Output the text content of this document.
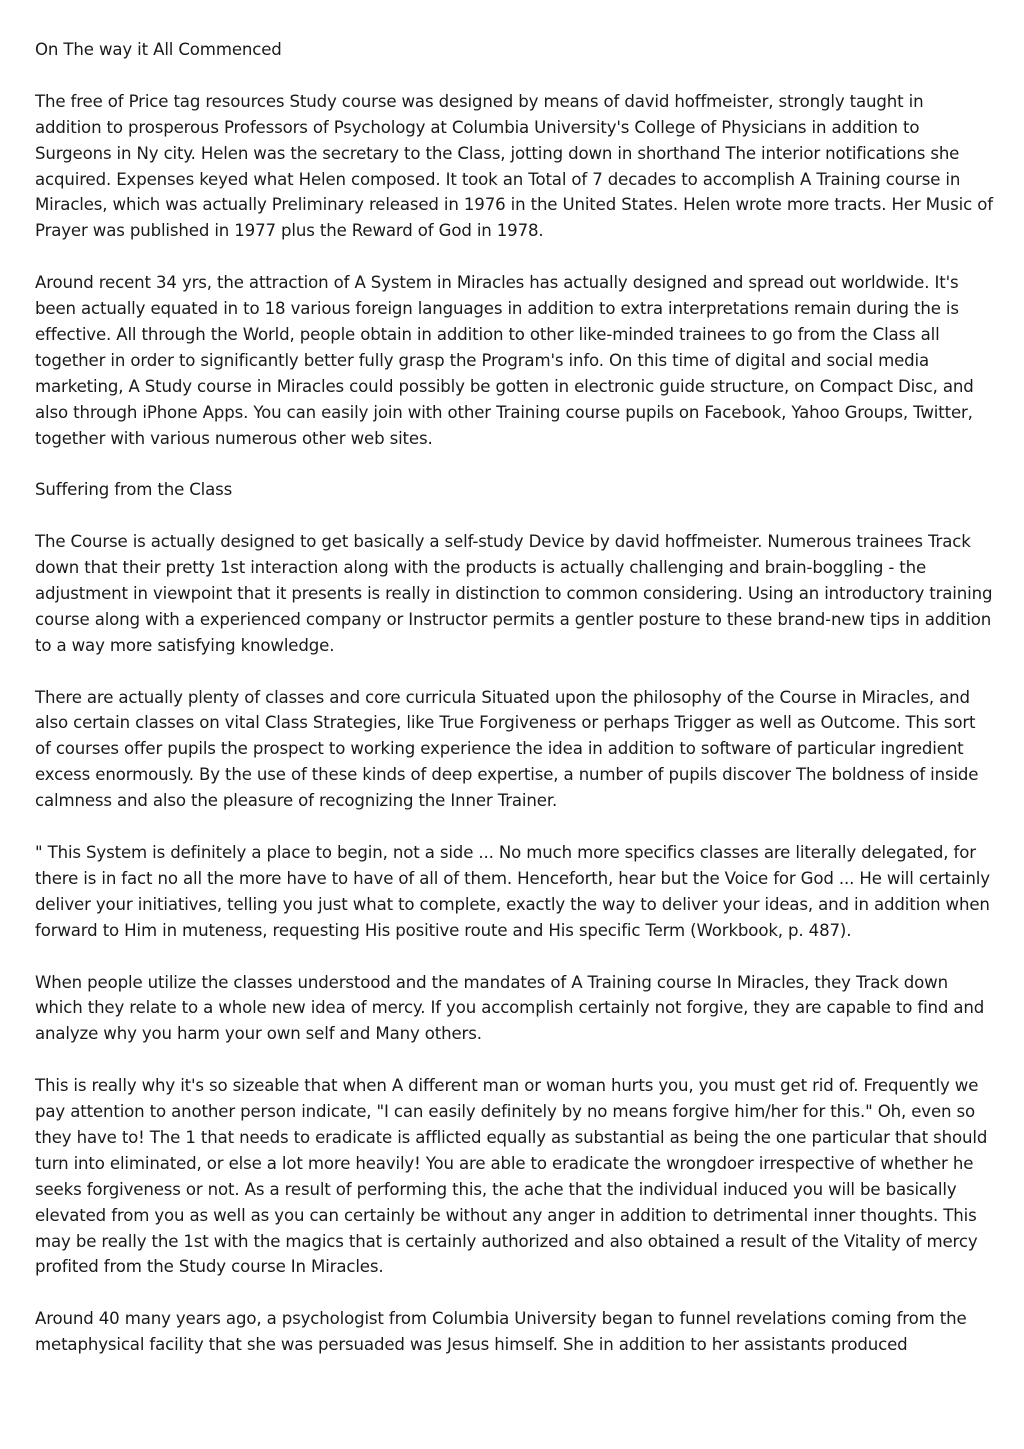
On The way it All Commenced

The free of Price tag resources Study course was designed by means of david hoffmeister, strongly taught in addition to prosperous Professors of Psychology at Columbia University's College of Physicians in addition to Surgeons in Ny city. Helen was the secretary to the Class, jotting down in shorthand The interior notifications she acquired. Expenses keyed what Helen composed. It took an Total of 7 decades to accomplish A Training course in Miracles, which was actually Preliminary released in 1976 in the United States. Helen wrote more tracts. Her Music of Prayer was published in 1977 plus the Reward of God in 1978.

Around recent 34 yrs, the attraction of A System in Miracles has actually designed and spread out worldwide. It's been actually equated in to 18 various foreign languages in addition to extra interpretations remain during the is effective. All through the World, people obtain in addition to other like-minded trainees to go from the Class all together in order to significantly better fully grasp the Program's info. On this time of digital and social media marketing, A Study course in Miracles could possibly be gotten in electronic guide structure, on Compact Disc, and also through iPhone Apps. You can easily join with other Training course pupils on Facebook, Yahoo Groups, Twitter, together with various numerous other web sites.

Suffering from the Class

The Course is actually designed to get basically a self-study Device by david hoffmeister. Numerous trainees Track down that their pretty 1st interaction along with the products is actually challenging and brain-boggling - the adjustment in viewpoint that it presents is really in distinction to common considering. Using an introductory training course along with a experienced company or Instructor permits a gentler posture to these brand-new tips in addition to a way more satisfying knowledge.

There are actually plenty of classes and core curricula Situated upon the philosophy of the Course in Miracles, and also certain classes on vital Class Strategies, like True Forgiveness or perhaps Trigger as well as Outcome. This sort of courses offer pupils the prospect to working experience the idea in addition to software of particular ingredient excess enormously. By the use of these kinds of deep expertise, a number of pupils discover The boldness of inside calmness and also the pleasure of recognizing the Inner Trainer.

" This System is definitely a place to begin, not a side ... No much more specifics classes are literally delegated, for there is in fact no all the more have to have of all of them. Henceforth, hear but the Voice for God ... He will certainly deliver your initiatives, telling you just what to complete, exactly the way to deliver your ideas, and in addition when forward to Him in muteness, requesting His positive route and His specific Term (Workbook, p. 487).

When people utilize the classes understood and the mandates of A Training course In Miracles, they Track down which they relate to a whole new idea of mercy. If you accomplish certainly not forgive, they are capable to find and analyze why you harm your own self and Many others.

This is really why it's so sizeable that when A different man or woman hurts you, you must get rid of. Frequently we pay attention to another person indicate, "I can easily definitely by no means forgive him/her for this." Oh, even so they have to! The 1 that needs to eradicate is afflicted equally as substantial as being the one particular that should turn into eliminated, or else a lot more heavily! You are able to eradicate the wrongdoer irrespective of whether he seeks forgiveness or not. As a result of performing this, the ache that the individual induced you will be basically elevated from you as well as you can certainly be without any anger in addition to detrimental inner thoughts. This may be really the 1st with the magics that is certainly authorized and also obtained a result of the Vitality of mercy profited from the Study course In Miracles.

Around 40 many years ago, a psychologist from Columbia University began to funnel revelations coming from the metaphysical facility that she was persuaded was Jesus himself. She in addition to her assistants produced
